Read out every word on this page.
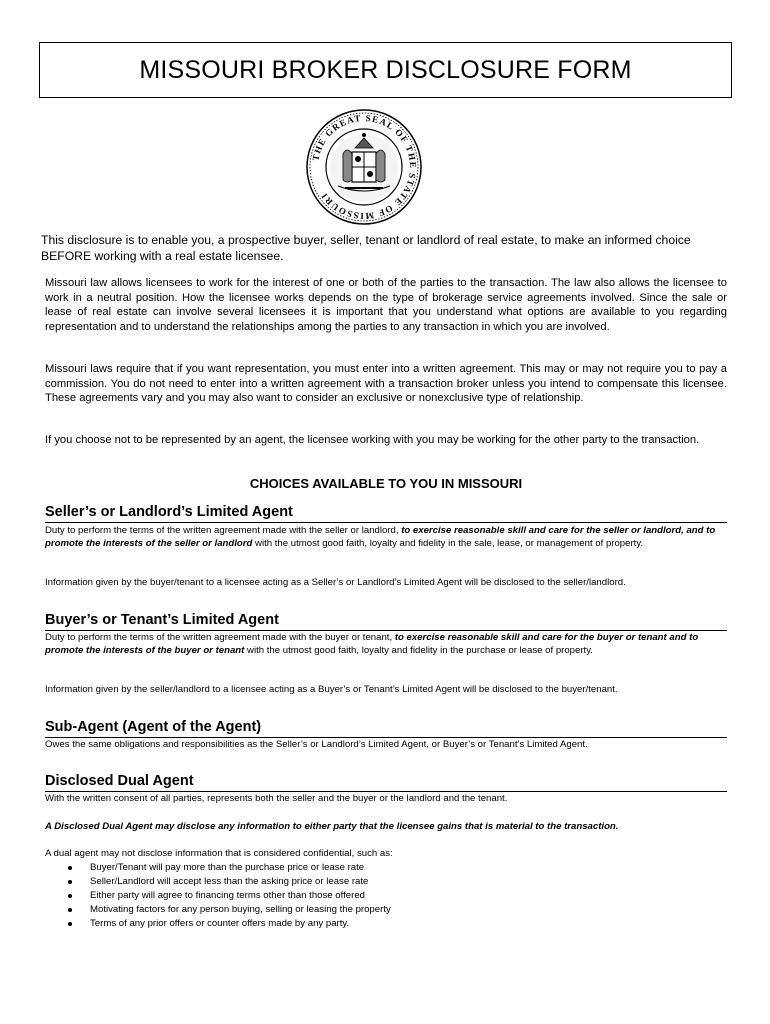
MISSOURI BROKER DISCLOSURE FORM
THE GREAT SEAL OF THE STATE OF MISSOURI

This disclosure is to enable you, a prospective buyer, seller, tenant or landlord of real estate, to make an informed choice BEFORE working with a real estate licensee.

Missouri law allows licensees to work for the interest of one or both of the parties to the transaction. The law also allows the licensee to work in a neutral position. How the licensee works depends on the type of brokerage service agreements involved. Since the sale or lease of real estate can involve several licensees it is important that you understand what options are available to you regarding representation and to understand the relationships among the parties to any transaction in which you are involved.

Missouri laws require that if you want representation, you must enter into a written agreement. This may or may not require you to pay a commission. You do not need to enter into a written agreement with a transaction broker unless you intend to compensate this licensee. These agreements vary and you may also want to consider an exclusive or nonexclusive type of relationship.

If you choose not to be represented by an agent, the licensee working with you may be working for the other party to the transaction.

CHOICES AVAILABLE TO YOU IN MISSOURI

Seller’s or Landlord’s Limited Agent

Duty to perform the terms of the written agreement made with the seller or landlord, to exercise reasonable skill and care for the seller or landlord, and to promote the interests of the seller or landlord with the utmost good faith, loyalty and fidelity in the sale, lease, or management of property.

Information given by the buyer/tenant to a licensee acting as a Seller’s or Landlord’s Limited Agent will be disclosed to the seller/landlord.

Buyer’s or Tenant’s Limited Agent

Duty to perform the terms of the written agreement made with the buyer or tenant, to exercise reasonable skill and care for the buyer or tenant and to promote the interests of the buyer or tenant with the utmost good faith, loyalty and fidelity in the purchase or lease of property.

Information given by the seller/landlord to a licensee acting as a Buyer’s or Tenant’s Limited Agent will be disclosed to the buyer/tenant.

Sub-Agent (Agent of the Agent)

Owes the same obligations and responsibilities as the Seller’s or Landlord’s Limited Agent, or Buyer’s or Tenant’s Limited Agent.

Disclosed Dual Agent

With the written consent of all parties, represents both the seller and the buyer or the landlord and the tenant.

A Disclosed Dual Agent may disclose any information to either party that the licensee gains that is material to the transaction.

A dual agent may not disclose information that is considered confidential, such as:

Buyer/Tenant will pay more than the purchase price or lease rate
Seller/Landlord will accept less than the asking price or lease rate
Either party will agree to financing terms other than those offered
Motivating factors for any person buying, selling or leasing the property
Terms of any prior offers or counter offers made by any party.
